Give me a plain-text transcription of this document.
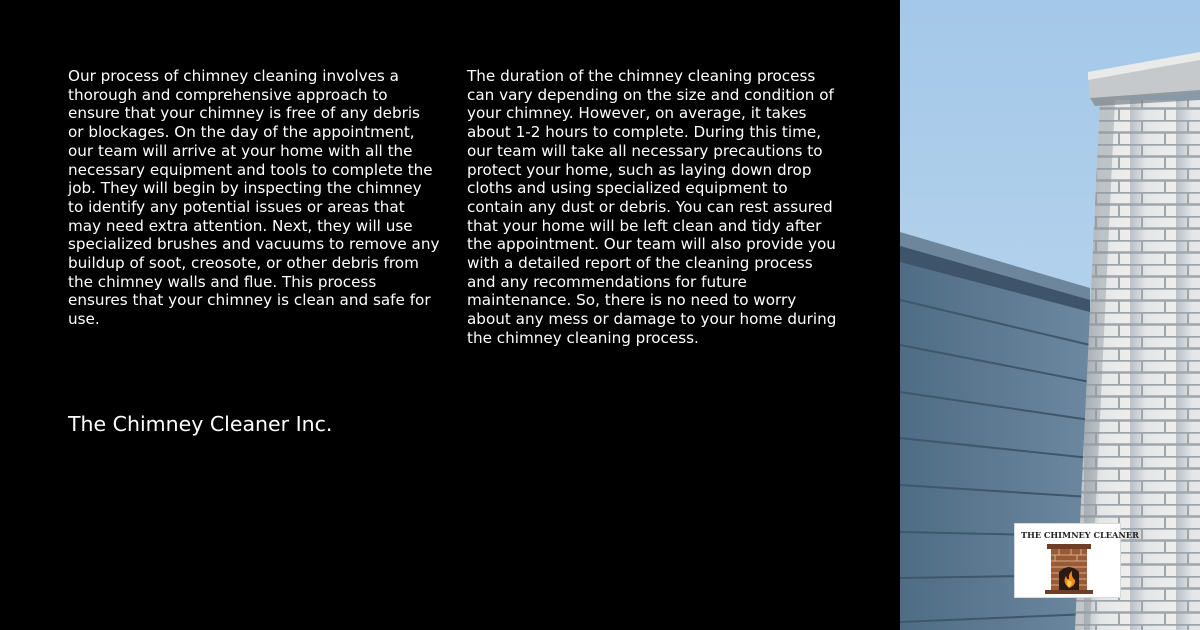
Our process of chimney cleaning involves a thorough and comprehensive approach to ensure that your chimney is free of any debris or blockages. On the day of the appointment, our team will arrive at your home with all the necessary equipment and tools to complete the job. They will begin by inspecting the chimney to identify any potential issues or areas that may need extra attention. Next, they will use specialized brushes and vacuums to remove any buildup of soot, creosote, or other debris from the chimney walls and flue. This process ensures that your chimney is clean and safe for use.

The duration of the chimney cleaning process can vary depending on the size and condition of your chimney. However, on average, it takes about 1-2 hours to complete. During this time, our team will take all necessary precautions to protect your home, such as laying down drop cloths and using specialized equipment to contain any dust or debris. You can rest assured that your home will be left clean and tidy after the appointment. Our team will also provide you with a detailed report of the cleaning process and any recommendations for future maintenance. So, there is no need to worry about any mess or damage to your home during the chimney cleaning process.

The Chimney Cleaner Inc.

THE CHIMNEY CLEANER
